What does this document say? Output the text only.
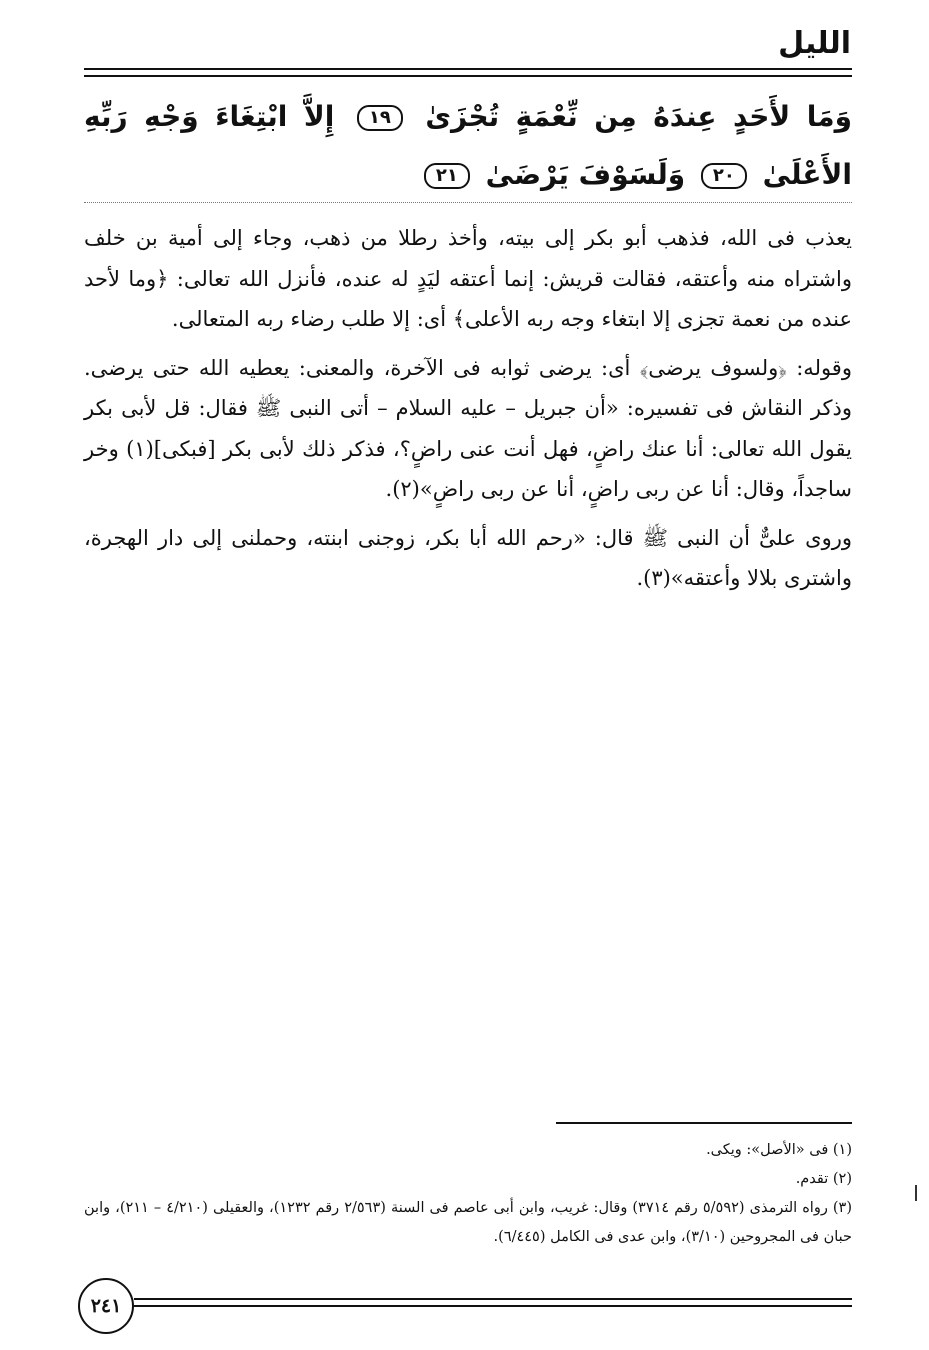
الليل
وَمَا لأَحَدٍ عِندَهُ مِن نِّعْمَةٍ تُجْزَىٰ ١٩ إِلاَّ ابْتِغَاءَ وَجْهِ رَبِّهِ الأَعْلَىٰ ٢٠ وَلَسَوْفَ يَرْضَىٰ ٢١

يعذب فى الله، فذهب أبو بكر إلى بيته، وأخذ رطلا من ذهب، وجاء إلى أمية بن خلف واشتراه منه وأعتقه، فقالت قريش: إنما أعتقه ليَدٍ له عنده، فأنزل الله تعالى: ﴿وما لأحد عنده من نعمة تجزى إلا ابتغاء وجه ربه الأعلى﴾ أى: إلا طلب رضاء ربه المتعالى.

وقوله: ﴿ولسوف يرضى﴾ أى: يرضى ثوابه فى الآخرة، والمعنى: يعطيه الله حتى يرضى. وذكر النقاش فى تفسيره: «أن جبريل – عليه السلام – أتى النبى ﷺ فقال: قل لأبى بكر يقول الله تعالى: أنا عنك راضٍ، فهل أنت عنى راضٍ؟، فذكر ذلك لأبى بكر [فبكى](١) وخر ساجداً، وقال: أنا عن ربى راضٍ، أنا عن ربى راضٍ»(٢).

وروى علىٌّ أن النبى ﷺ قال: «رحم الله أبا بكر، زوجنى ابنته، وحملنى إلى دار الهجرة، واشترى بلالا وأعتقه»(٣).

(١) فى «الأصل»: ويكى.

(٢) تقدم.

(٣) رواه الترمذى (٥/٥٩٢ رقم ٣٧١٤) وقال: غريب، وابن أبى عاصم فى السنة (٢/٥٦٣ رقم ١٢٣٢)، والعقيلى (٤/٢١٠ – ٢١١)، وابن حبان فى المجروحين (٣/١٠)، وابن عدى فى الكامل (٦/٤٤٥).

٢٤١
